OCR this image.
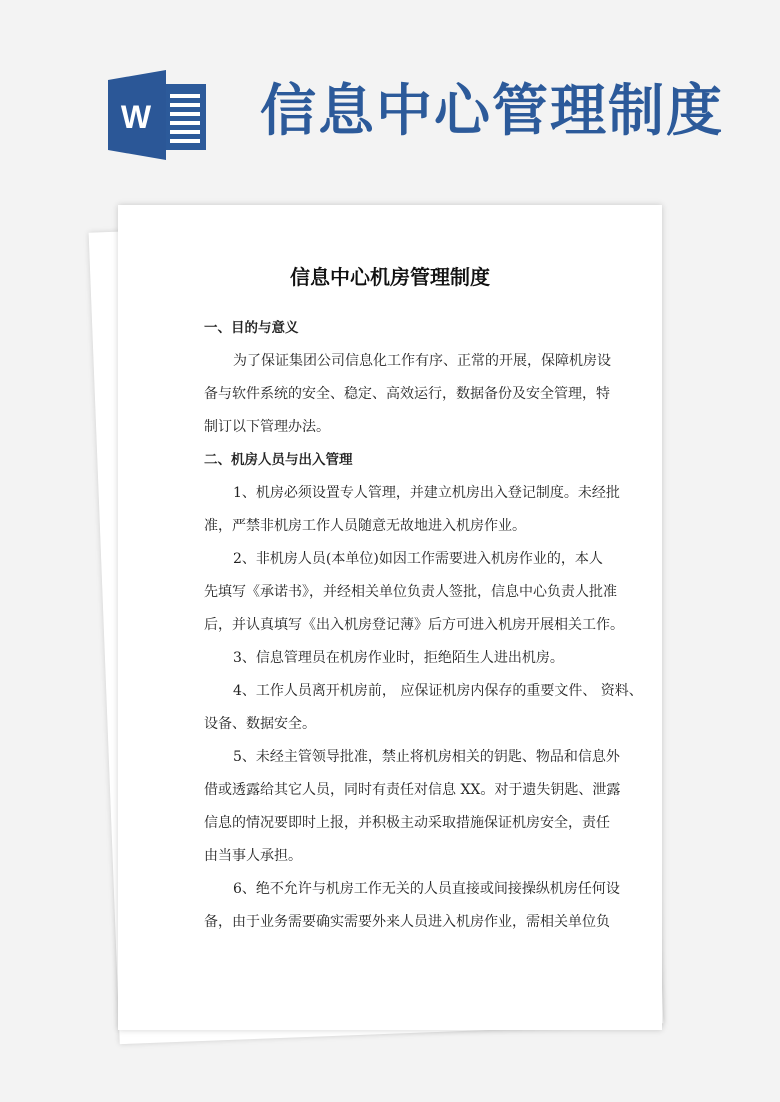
W 信息中心管理制度
信息中心机房管理制度
一、目的与意义
为了保证集团公司信息化工作有序、正常的开展，保障机房设
备与软件系统的安全、稳定、高效运行，数据备份及安全管理，特
制订以下管理办法。
二、机房人员与出入管理
1、机房必须设置专人管理，并建立机房出入登记制度。未经批
准，严禁非机房工作人员随意无故地进入机房作业。
2、非机房人员(本单位)如因工作需要进入机房作业的，本人
先填写《承诺书》，并经相关单位负责人签批，信息中心负责人批准
后，并认真填写《出入机房登记薄》后方可进入机房开展相关工作。
3、信息管理员在机房作业时，拒绝陌生人进出机房。
4、工作人员离开机房前， 应保证机房内保存的重要文件、 资料、
设备、数据安全。
5、未经主管领导批准，禁止将机房相关的钥匙、物品和信息外
借或透露给其它人员，同时有责任对信息 XX。对于遗失钥匙、泄露
信息的情况要即时上报，并积极主动采取措施保证机房安全，责任
由当事人承担。
6、绝不允许与机房工作无关的人员直接或间接操纵机房任何设
备，由于业务需要确实需要外来人员进入机房作业，需相关单位负
